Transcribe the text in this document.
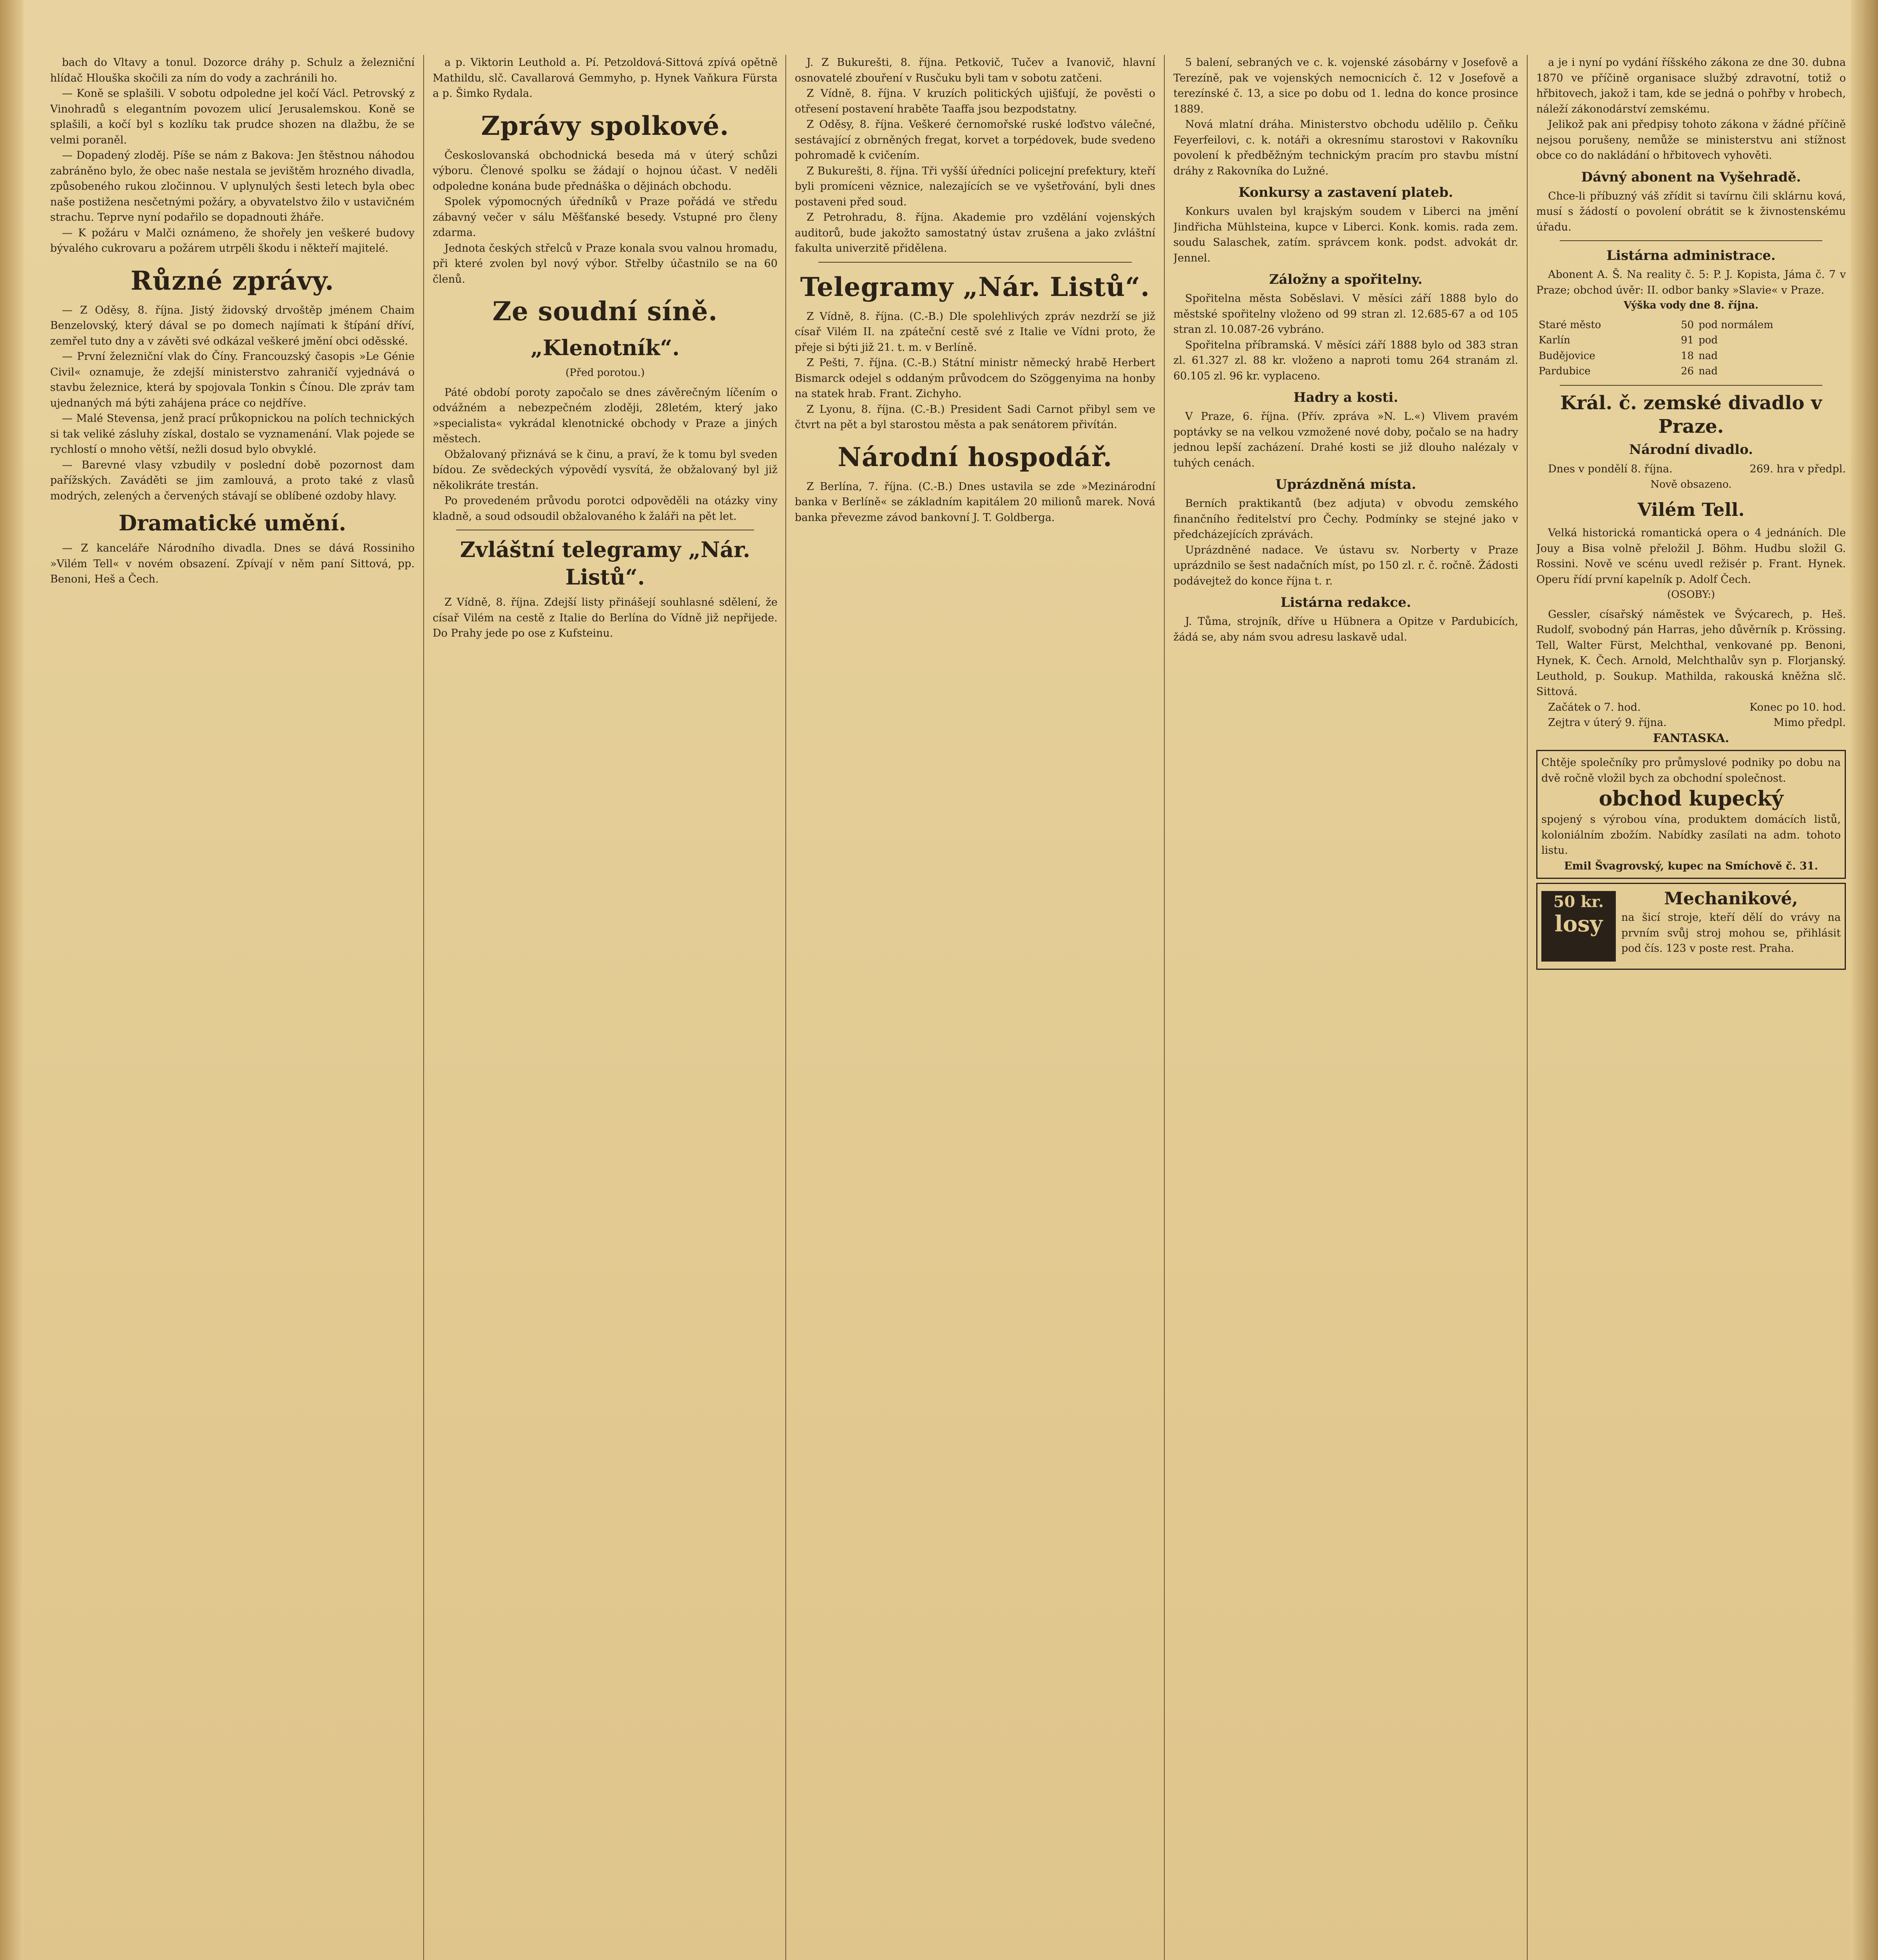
bach do Vltavy a tonul. Dozorce dráhy p. Schulz a železniční hlídač Hlouška skočili za ním do vody a zachránili ho.

— Koně se splašili. V sobotu odpoledne jel kočí Václ. Petrovský z Vinohradů s elegantním povozem ulicí Jerusalemskou. Koně se splašili, a kočí byl s kozlíku tak prudce shozen na dlažbu, že se velmi poraněl.

— Dopadený zloděj. Píše se nám z Bakova: Jen štěstnou náhodou zabráněno bylo, že obec naše nestala se jevištěm hrozného divadla, způsobeného rukou zločinnou. V uplynulých šesti letech byla obec naše postižena nesčetnými požáry, a obyvatelstvo žilo v ustavičném strachu. Teprve nyní podařilo se dopadnouti žháře.

— K požáru v Malči oznámeno, že shořely jen veškeré budovy bývalého cukrovaru a požárem utrpěli škodu i někteří majitelé.

Různé zprávy.

— Z Oděsy, 8. října. Jistý židovský drvoštěp jménem Chaim Benzelovský, který dával se po domech najímati k štípání dříví, zemřel tuto dny a v závěti své odkázal veškeré jmění obci oděsské.

— První železniční vlak do Číny. Francouzský časopis »Le Génie Civil« oznamuje, že zdejší ministerstvo zahraničí vyjednává o stavbu železnice, která by spojovala Tonkin s Čínou. Dle zpráv tam ujednaných má býti zahájena práce co nejdříve.

— Malé Stevensa, jenž prací průkopnickou na polích technických si tak veliké zásluhy získal, dostalo se vyznamenání. Vlak pojede se rychlostí o mnoho větší, nežli dosud bylo obvyklé.

— Barevné vlasy vzbudily v poslední době pozornost dam pařížských. Zaváděti se jim zamlouvá, a proto také z vlasů modrých, zelených a červených stávají se oblíbené ozdoby hlavy.

Dramatické umění.

— Z kanceláře Národního divadla. Dnes se dává Rossiniho »Vilém Tell« v novém obsazení. Zpívají v něm paní Sittová, pp. Benoni, Heš a Čech.

a p. Viktorin Leuthold a. Pí. Petzoldová-Sittová zpívá opětně Mathildu, slč. Cavallarová Gemmyho, p. Hynek Vaňkura Fürsta a p. Šimko Rydala.

Zprávy spolkové.

Českoslovanská obchodnická beseda má v úterý schůzi výboru. Členové spolku se žádají o hojnou účast. V neděli odpoledne konána bude přednáška o dějinách obchodu.

Spolek výpomocných úředníků v Praze pořádá ve středu zábavný večer v sálu Měšťanské besedy. Vstupné pro členy zdarma.

Jednota českých střelců v Praze konala svou valnou hromadu, při které zvolen byl nový výbor. Střelby účastnilo se na 60 členů.

Ze soudní síně.
„Klenotník“.
(Před porotou.)

Páté období poroty započalo se dnes závěrečným líčením o odvážném a nebezpečném zloději, 28letém, který jako »specialista« vykrádal klenotnické obchody v Praze a jiných městech.

Obžalovaný přiznává se k činu, a praví, že k tomu byl sveden bídou. Ze svědeckých výpovědí vysvítá, že obžalovaný byl již několikráte trestán.

Po provedeném průvodu porotci odpověděli na otázky viny kladně, a soud odsoudil obžalovaného k žaláři na pět let.

Zvláštní telegramy „Nár. Listů“.

Z Vídně, 8. října. Zdejší listy přinášejí souhlasné sdělení, že císař Vilém na cestě z Italie do Berlína do Vídně již nepřijede. Do Prahy jede po ose z Kufsteinu.

J. Z Bukurešti, 8. října. Petkovič, Tučev a Ivanovič, hlavní osnovatelé zbouření v Rusčuku byli tam v sobotu zatčeni.

Z Vídně, 8. října. V kruzích politických ujišťují, že pověsti o otřesení postavení hraběte Taaffa jsou bezpodstatny.

Z Oděsy, 8. října. Veškeré černomořské ruské loďstvo válečné, sestávající z obrněných fregat, korvet a torpédovek, bude svedeno pohromadě k cvičením.

Z Bukurešti, 8. října. Tři vyšší úředníci policejní prefektury, kteří byli promíceni věznice, nalezajících se ve vyšetřování, byli dnes postaveni před soud.

Z Petrohradu, 8. října. Akademie pro vzdělání vojenských auditorů, bude jakožto samostatný ústav zrušena a jako zvláštní fakulta univerzitě přidělena.

Telegramy „Nár. Listů“.

Z Vídně, 8. října. (C.-B.) Dle spolehlivých zpráv nezdrží se již císař Vilém II. na zpáteční cestě své z Italie ve Vídni proto, že přeje si býti již 21. t. m. v Berlíně.

Z Pešti, 7. října. (C.-B.) Státní ministr německý hrabě Herbert Bismarck odejel s oddaným průvodcem do Szöggenyima na honby na statek hrab. Frant. Zichyho.

Z Lyonu, 8. října. (C.-B.) President Sadi Carnot přibyl sem ve čtvrt na pět a byl starostou města a pak senátorem přivítán.

Národní hospodář.

Z Berlína, 7. října. (C.-B.) Dnes ustavila se zde »Mezinárodní banka v Berlíně« se základním kapitálem 20 milionů marek. Nová banka převezme závod bankovní J. T. Goldberga.

5 balení, sebraných ve c. k. vojenské zásobárny v Josefově a Terezíně, pak ve vojenských nemocnicích č. 12 v Josefově a terezínské č. 13, a sice po dobu od 1. ledna do konce prosince 1889.

Nová mlatní dráha. Ministerstvo obchodu udělilo p. Čeňku Feyerfeilovi, c. k. notáři a okresnímu starostovi v Rakovníku povolení k předběžným technickým pracím pro stavbu místní dráhy z Rakovníka do Lužné.

Konkursy a zastavení plateb.

Konkurs uvalen byl krajským soudem v Liberci na jmění Jindřicha Mühlsteina, kupce v Liberci. Konk. komis. rada zem. soudu Salaschek, zatím. správcem konk. podst. advokát dr. Jennel.

Záložny a spořitelny.

Spořitelna města Soběslavi. V měsíci září 1888 bylo do městské spořitelny vloženo od 99 stran zl. 12.685-67 a od 105 stran zl. 10.087-26 vybráno.

Spořitelna příbramská. V měsíci září 1888 bylo od 383 stran zl. 61.327 zl. 88 kr. vloženo a naproti tomu 264 stranám zl. 60.105 zl. 96 kr. vyplaceno.

Hadry a kosti.

V Praze, 6. října. (Přív. zpráva »N. L.«) Vlivem pravém poptávky se na velkou vzmožené nové doby, počalo se na hadry jednou lepší zacházení. Drahé kosti se již dlouho nalézaly v tuhých cenách.

Uprázdněná místa.

Berních praktikantů (bez adjuta) v obvodu zemského finančního ředitelství pro Čechy. Podmínky se stejné jako v předcházejících zprávách.

Uprázdněné nadace. Ve ústavu sv. Norberty v Praze uprázdnilo se šest nadačních míst, po 150 zl. r. č. ročně. Žádosti podávejtež do konce října t. r.

Listárna redakce.

J. Tůma, strojník, dříve u Hübnera a Opitze v Pardubicích, žádá se, aby nám svou adresu laskavě udal.

a je i nyní po vydání říšského zákona ze dne 30. dubna 1870 ve příčině organisace službý zdravotní, totiž o hřbitovech, jakož i tam, kde se jedná o pohřby v hrobech, náleží zákonodárství zemskému.

Jelikož pak ani předpisy tohoto zákona v žádné příčině nejsou porušeny, nemůže se ministerstvu ani stížnost obce co do nakládání o hřbitovech vyhověti.

Dávný abonent na Vyšehradě.

Chce-li příbuzný váš zřídit si tavírnu čili sklárnu ková, musí s žádostí o povolení obrátit se k živnostenskému úřadu.

Listárna administrace.

Abonent A. Š. Na reality č. 5: P. J. Kopista, Jáma č. 7 v Praze; obchod úvěr: II. odbor banky »Slavie« v Praze.

Výška vody dne 8. října.
Staré město	50	pod normálem
Karlín	91	pod
Budějovice	18	nad
Pardubice	26	nad
Král. č. zemské divadlo v Praze.
Národní divadlo.

Dnes v pondělí 8. října.	269. hra v předpl.

Nově obsazeno.
Vilém Tell.

Velká historická romantická opera o 4 jednáních. Dle Jouy a Bisa volně přeložil J. Böhm. Hudbu složil G. Rossini. Nově ve scénu uvedl režisér p. Frant. Hynek. Operu řídí první kapelník p. Adolf Čech.

(OSOBY:)

Gessler, císařský náměstek ve Švýcarech, p. Heš. Rudolf, svobodný pán Harras, jeho důvěrník p. Krössing. Tell, Walter Fürst, Melchthal, venkované pp. Benoni, Hynek, K. Čech. Arnold, Melchthalův syn p. Florjanský. Leuthold, p. Soukup. Mathilda, rakouská kněžna slč. Sittová.

Začátek o 7. hod.	Konec po 10. hod.

Zejtra v úterý 9. října.	Mimo předpl.

FANTASKA.

Chtěje společníky pro průmyslové podniky po dobu na dvě ročně vložil bych za obchodní společnost.

obchod kupecký

spojený s výrobou vína, produktem domácích listů, koloniálním zbožím. Nabídky zasílati na adm. tohoto listu.

Emil Švagrovský, kupec na Smíchově č. 31.

50 kr.
losy
Mechanikové,

na šicí stroje, kteří dělí do vrávy na prvním svůj stroj mohou se, přihlásit pod čís. 123 v poste rest. Praha.
